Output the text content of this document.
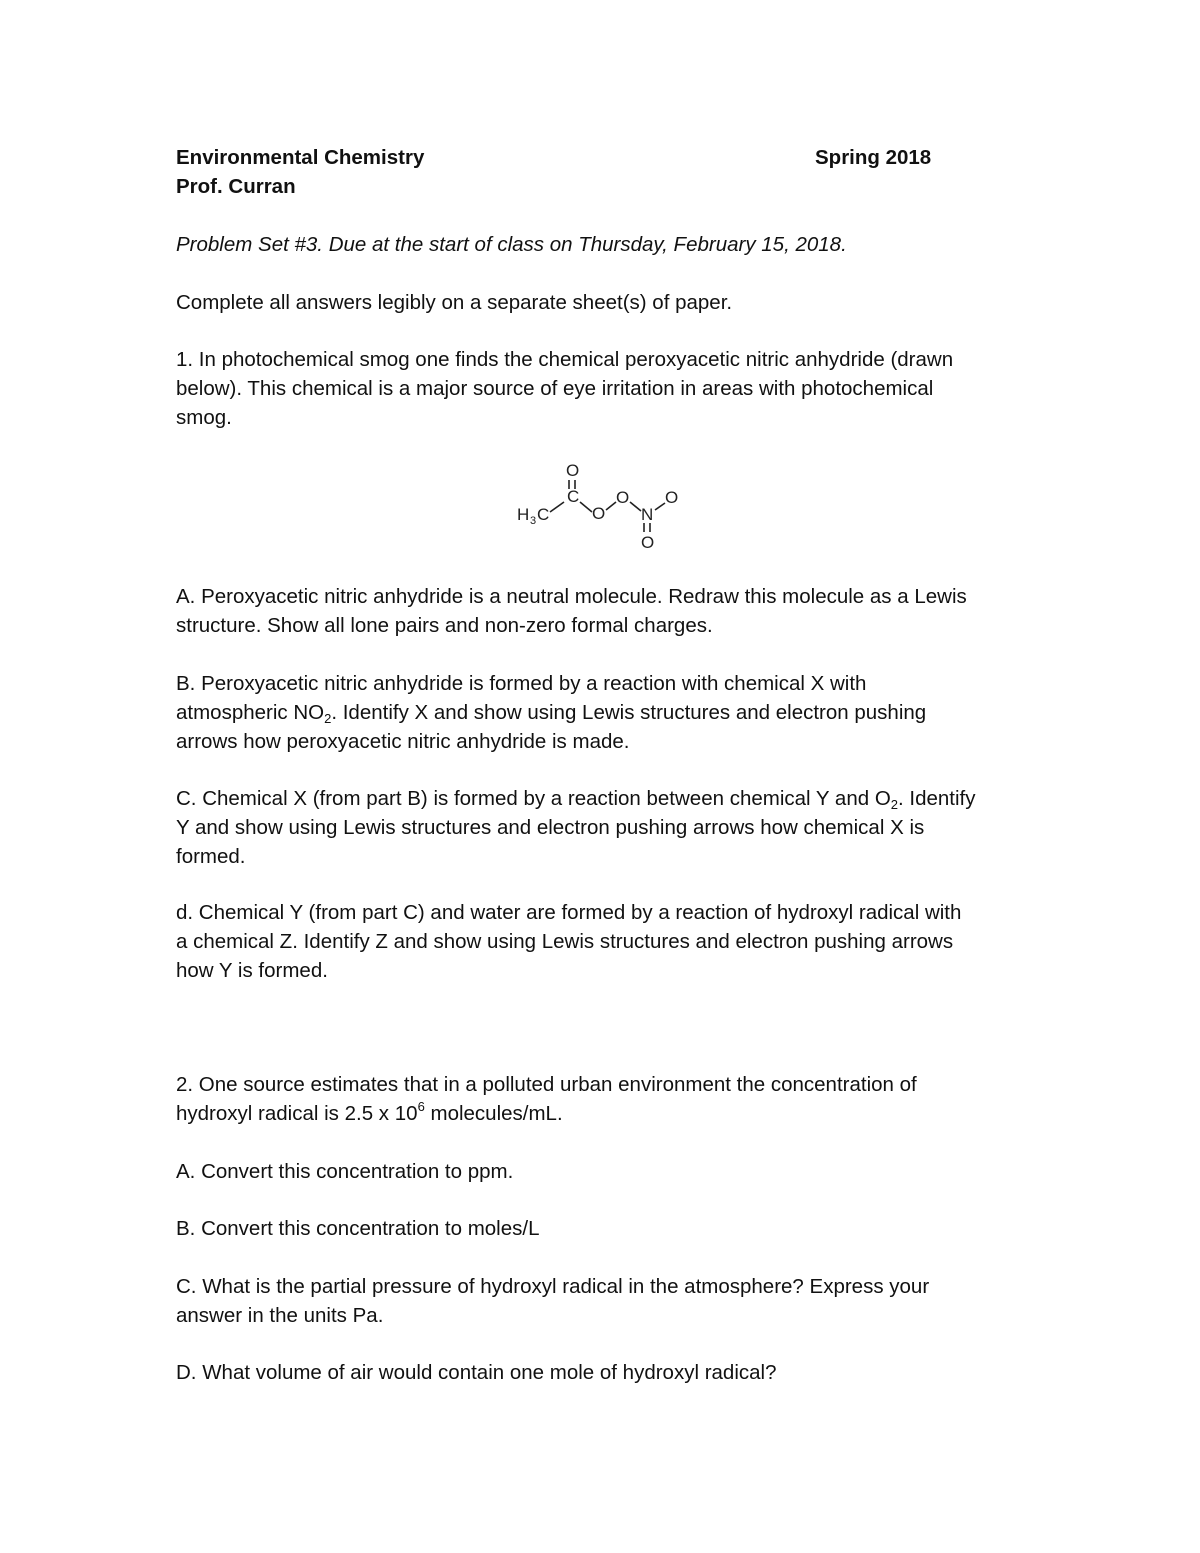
Environmental Chemistry	Spring 2018
Prof. Curran
Problem Set #3. Due at the start of class on Thursday, February 15, 2018.
Complete all answers legibly on a separate sheet(s) of paper.
1. In photochemical smog one finds the chemical peroxyacetic nitric anhydride (drawn
below). This chemical is a major source of eye irritation in areas with photochemical
smog.
O
C
H 3 C	O
O
N
O
O
A. Peroxyacetic nitric anhydride is a neutral molecule. Redraw this molecule as a Lewis
structure. Show all lone pairs and non-zero formal charges.
B. Peroxyacetic nitric anhydride is formed by a reaction with chemical X with
atmospheric $NO_2$. Identify X and show using Lewis structures and electron pushing
arrows how peroxyacetic nitric anhydride is made.
C. Chemical X (from part B) is formed by a reaction between chemical Y and $O_2$. Identify
Y and show using Lewis structures and electron pushing arrows how chemical X is
formed.
d. Chemical Y (from part C) and water are formed by a reaction of hydroxyl radical with
a chemical Z. Identify Z and show using Lewis structures and electron pushing arrows
how Y is formed.
2. One source estimates that in a polluted urban environment the concentration of
hydroxyl radical is 2.5 x $10^6$ molecules/mL.
A. Convert this concentration to ppm.
B. Convert this concentration to moles/L
C. What is the partial pressure of hydroxyl radical in the atmosphere? Express your
answer in the units Pa.
D. What volume of air would contain one mole of hydroxyl radical?
